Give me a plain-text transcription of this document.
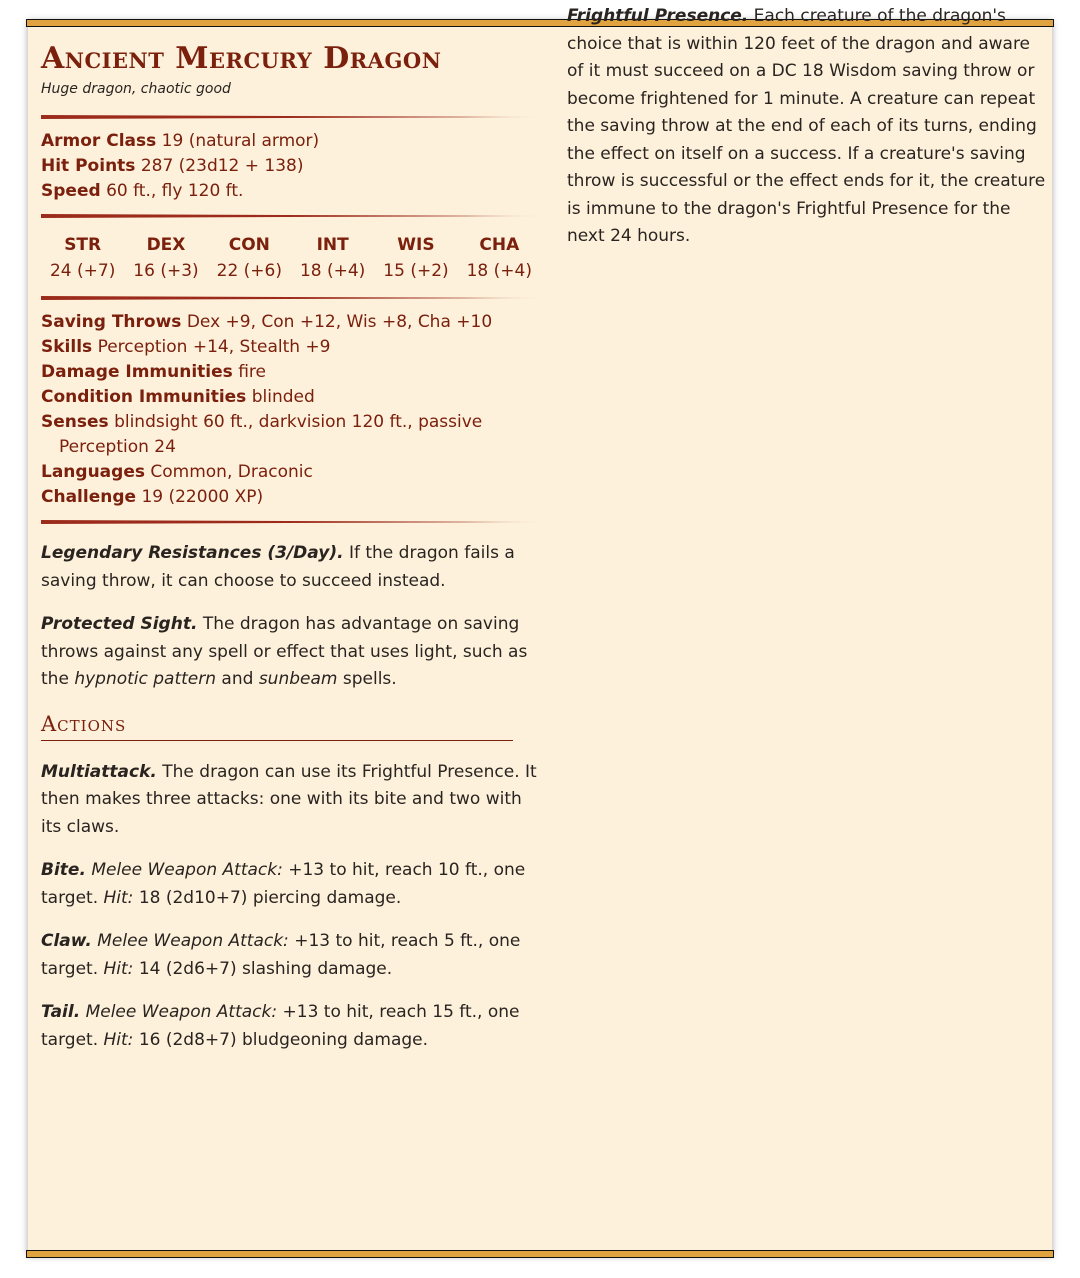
Ancient Mercury Dragon
Huge dragon, chaotic good
Armor Class 19 (natural armor)
Hit Points 287 (23d12 + 138)
Speed 60 ft., fly 120 ft.
STR
24 (+7)
DEX
16 (+3)
CON
22 (+6)
INT
18 (+4)
WIS
15 (+2)
CHA
18 (+4)
Saving Throws Dex +9, Con +12, Wis +8, Cha +10
Skills Perception +14, Stealth +9
Damage Immunities fire
Condition Immunities blinded
Senses blindsight 60 ft., darkvision 120 ft., passive Perception 24
Languages Common, Draconic
Challenge 19 (22000 XP)

Legendary Resistances (3/Day). If the dragon fails a saving throw, it can choose to succeed instead.

Protected Sight. The dragon has advantage on saving throws against any spell or effect that uses light, such as the hypnotic pattern and sunbeam spells.

Actions

Multiattack. The dragon can use its Frightful Presence. It then makes three attacks: one with its bite and two with its claws.

Bite. Melee Weapon Attack: +13 to hit, reach 10 ft., one target. Hit: 18 (2d10+7) piercing damage.

Claw. Melee Weapon Attack: +13 to hit, reach 5 ft., one target. Hit: 14 (2d6+7) slashing damage.

Tail. Melee Weapon Attack: +13 to hit, reach 15 ft., one target. Hit: 16 (2d8+7) bludgeoning damage.

Frightful Presence. Each creature of the dragon's choice that is within 120 feet of the dragon and aware of it must succeed on a DC 18 Wisdom saving throw or become frightened for 1 minute. A creature can repeat the saving throw at the end of each of its turns, ending the effect on itself on a success. If a creature's saving throw is successful or the effect ends for it, the creature is immune to the dragon's Frightful Presence for the next 24 hours.
